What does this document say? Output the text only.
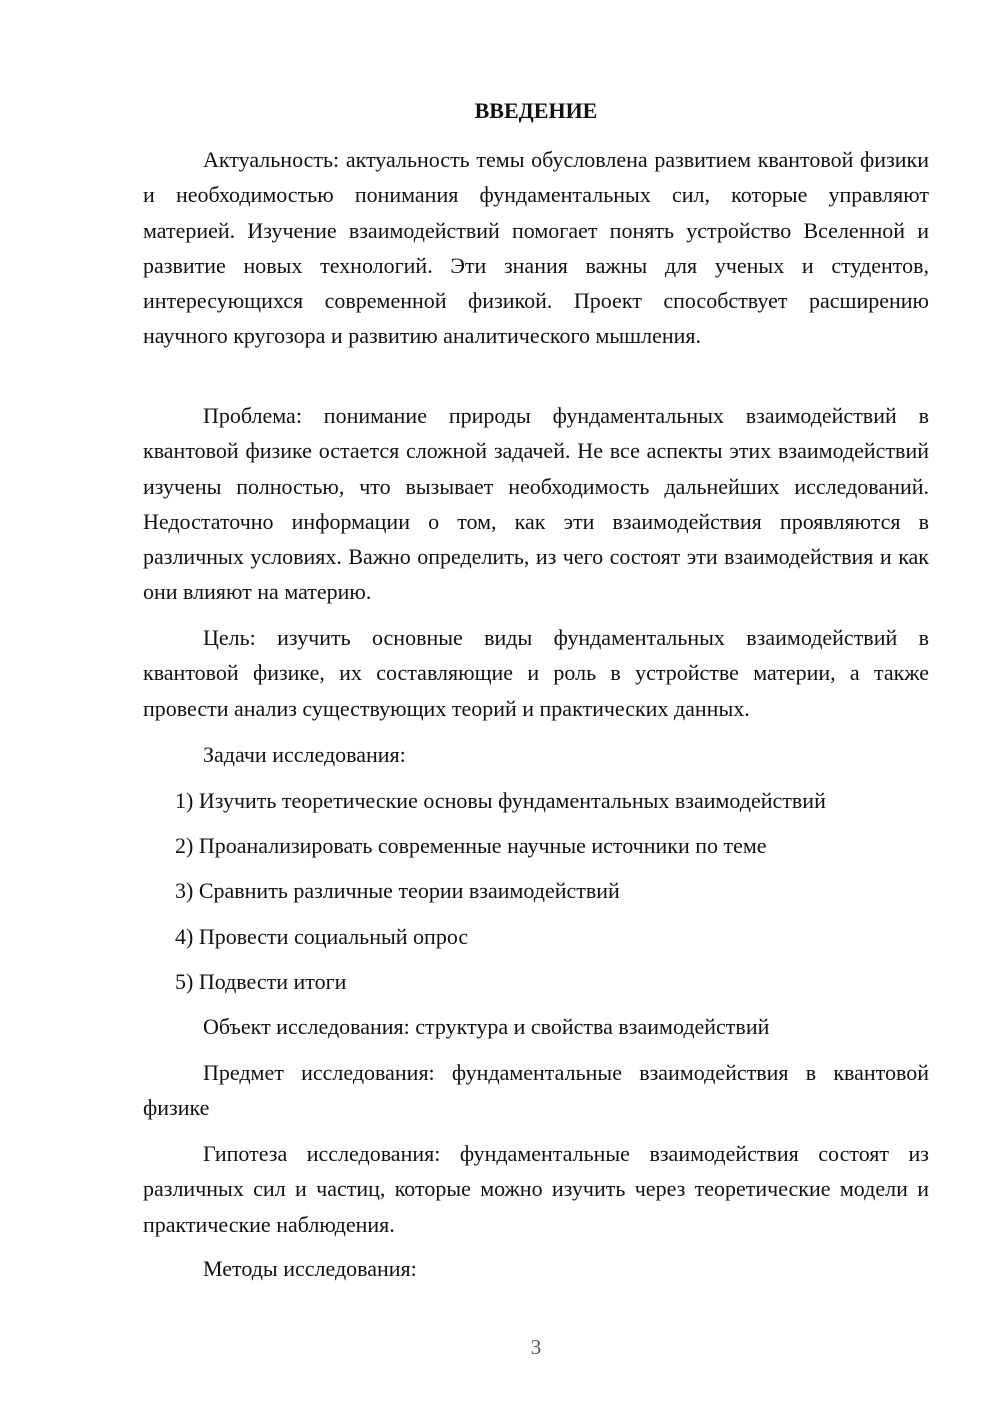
ВВЕДЕНИЕ

Актуальность: актуальность темы обусловлена развитием квантовой физики и необходимостью понимания фундаментальных сил, которые управляют материей. Изучение взаимодействий помогает понять устройство Вселенной и развитие новых технологий. Эти знания важны для ученых и студентов, интересующихся современной физикой. Проект способствует расширению научного кругозора и развитию аналитического мышления.

Проблема: понимание природы фундаментальных взаимодействий в квантовой физике остается сложной задачей. Не все аспекты этих взаимодействий изучены полностью, что вызывает необходимость дальнейших исследований. Недостаточно информации о том, как эти взаимодействия проявляются в различных условиях. Важно определить, из чего состоят эти взаимодействия и как они влияют на материю.

Цель: изучить основные виды фундаментальных взаимодействий в квантовой физике, их составляющие и роль в устройстве материи, а также провести анализ существующих теорий и практических данных.

Задачи исследования:

1) Изучить теоретические основы фундаментальных взаимодействий

2) Проанализировать современные научные источники по теме

3) Сравнить различные теории взаимодействий

4) Провести социальный опрос

5) Подвести итоги

Объект исследования: структура и свойства взаимодействий

Предмет исследования: фундаментальные взаимодействия в квантовой физике

Гипотеза исследования: фундаментальные взаимодействия состоят из различных сил и частиц, которые можно изучить через теоретические модели и практические наблюдения.

Методы исследования:

3
